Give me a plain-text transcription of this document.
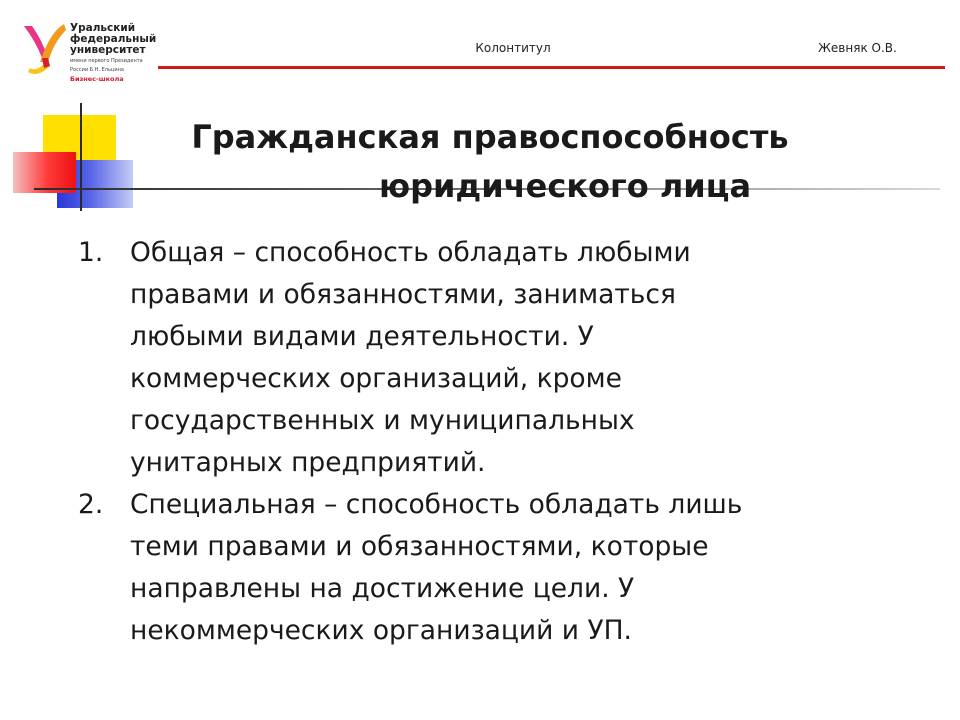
Уральский
федеральный
университет
имени первого Президента
России Б.Н. Ельцина
Бизнес-школа
Колонтитул	Жевняк О.В.
Гражданская правоспособность
юридического лица
1.	Общая – способность обладать любыми
правами и обязанностями, заниматься
любыми видами деятельности. У
коммерческих организаций, кроме
государственных и муниципальных
унитарных предприятий.
2.	Специальная – способность обладать лишь
теми правами и обязанностями, которые
направлены на достижение цели. У
некоммерческих организаций и УП.
